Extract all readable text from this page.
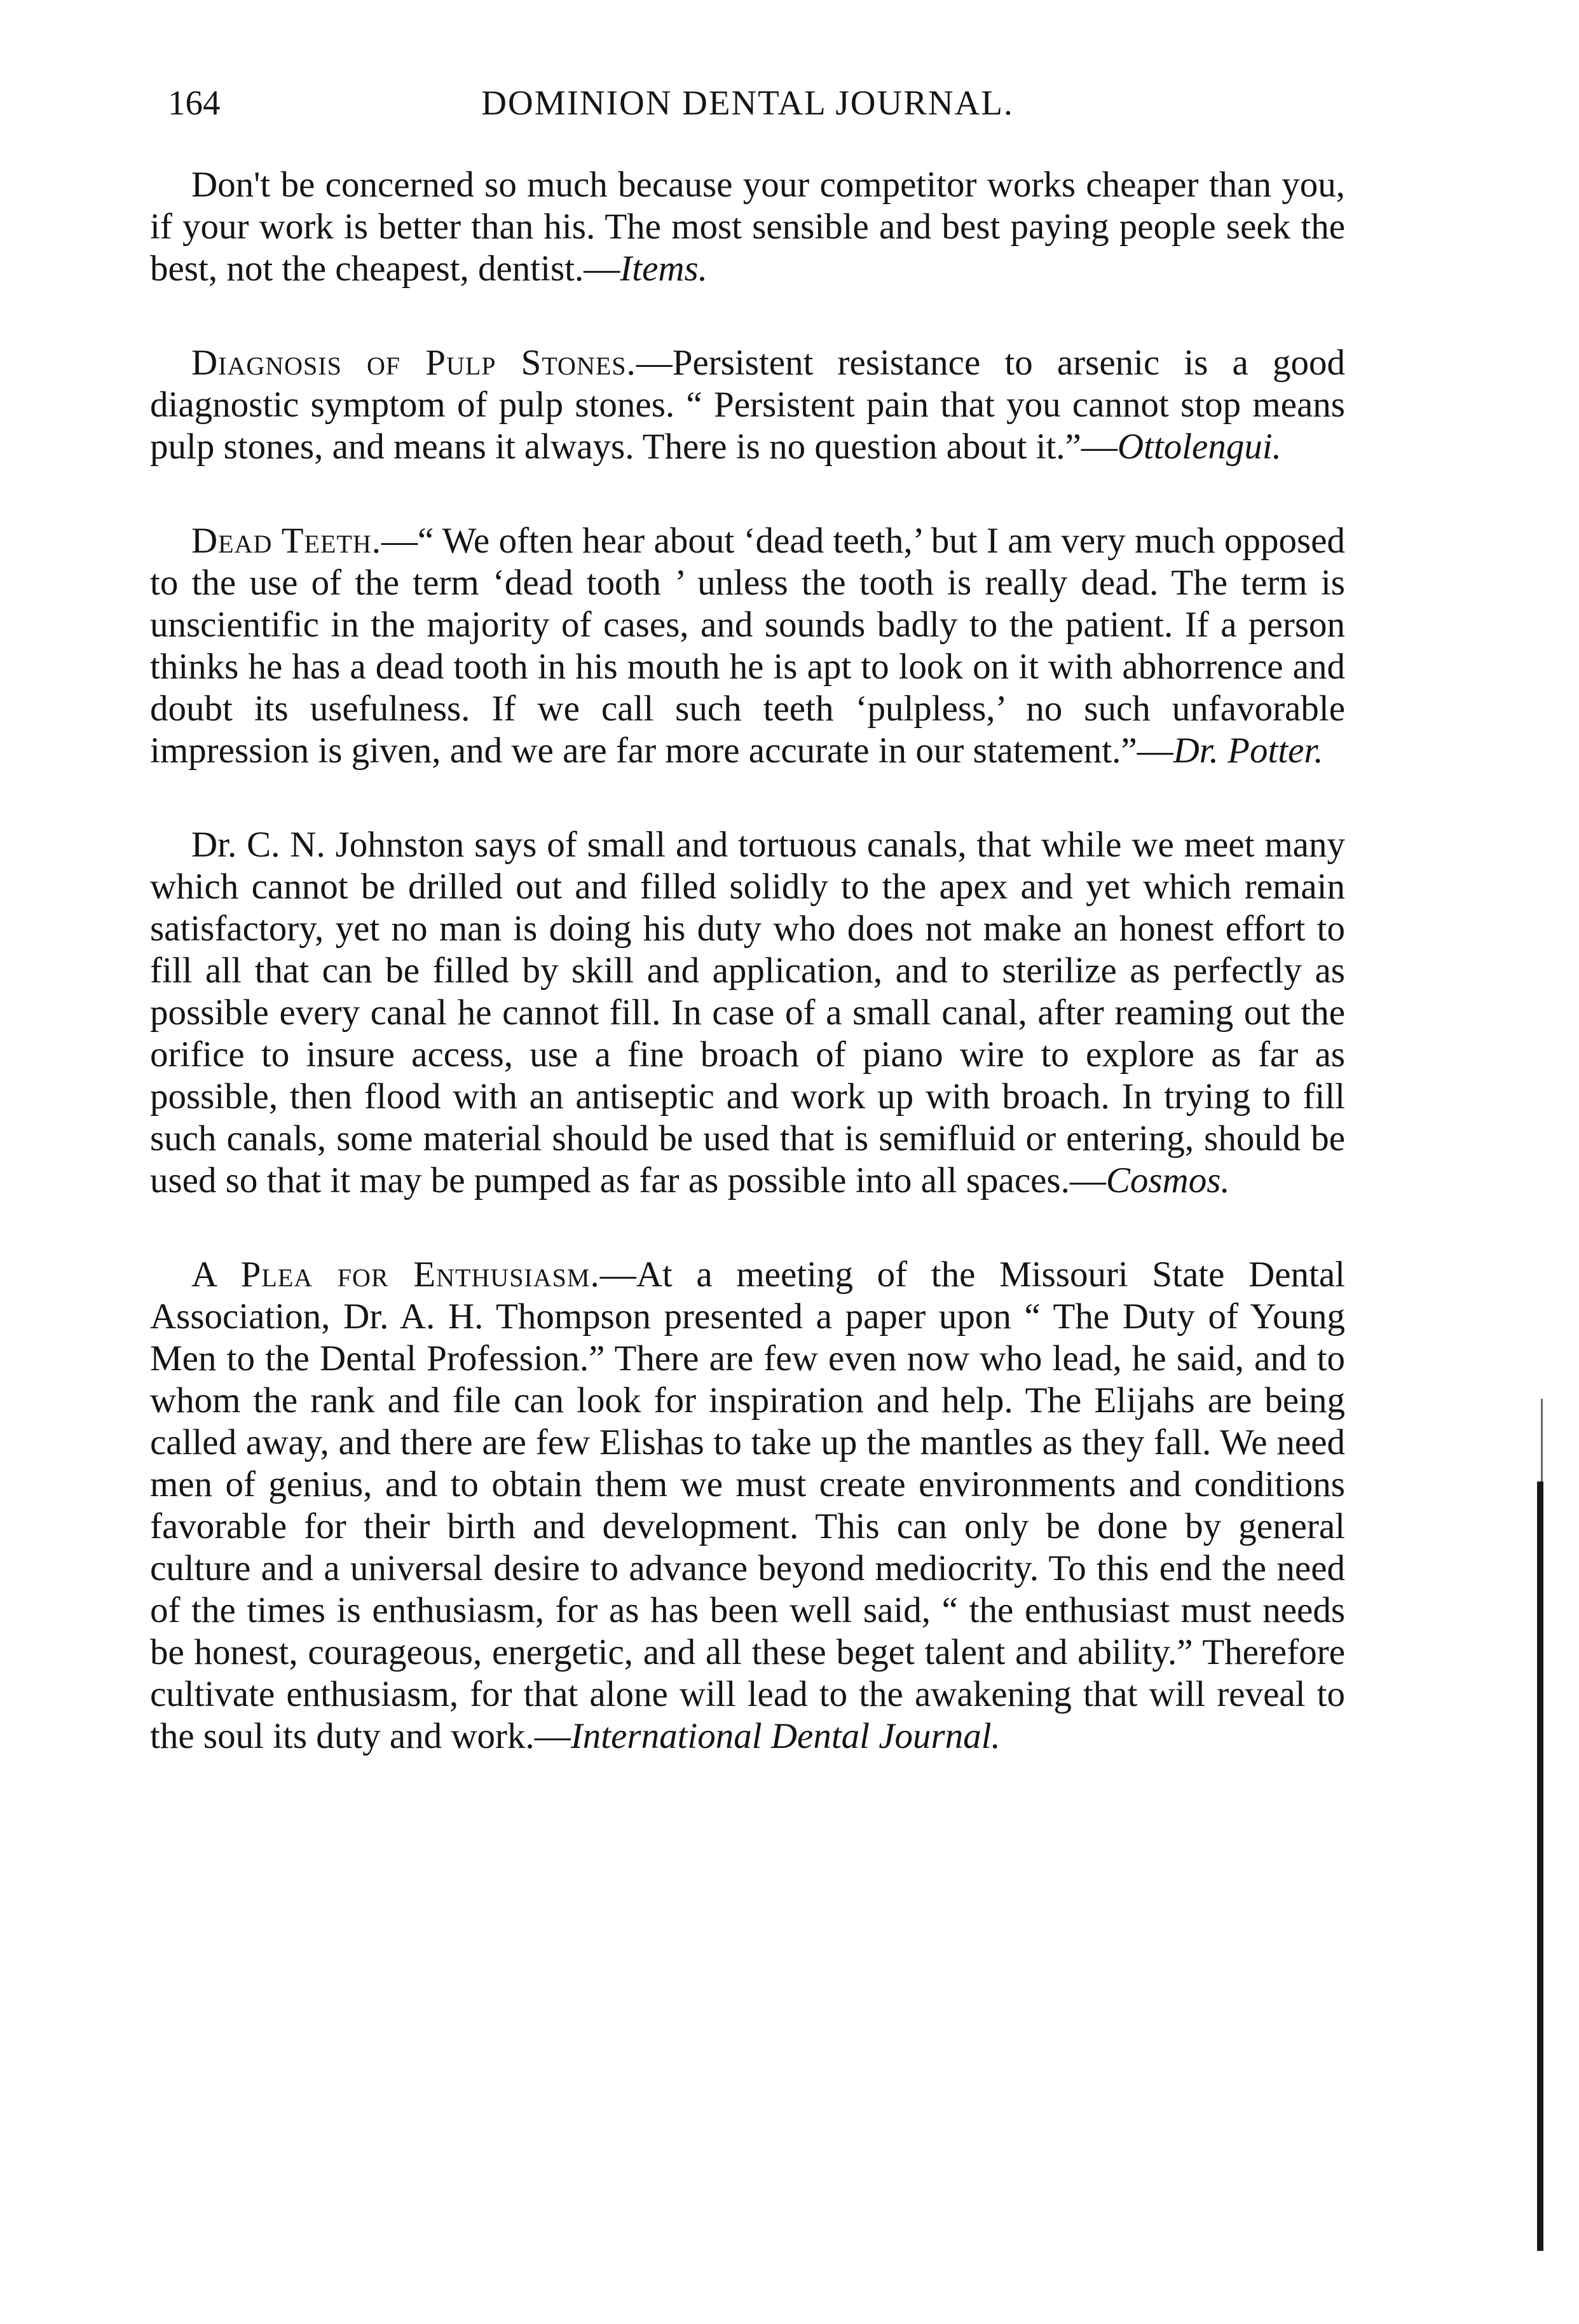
164	DOMINION DENTAL JOURNAL.

Don't be concerned so much because your competitor works cheaper than you, if your work is better than his. The most sensible and best paying people seek the best, not the cheapest, dentist.—Items.

Diagnosis of Pulp Stones.—Persistent resistance to arsenic is a good diagnostic symptom of pulp stones. “ Persistent pain that you cannot stop means pulp stones, and means it always. There is no question about it.”—Ottolengui.

Dead Teeth.—“ We often hear about ‘dead teeth,’ but I am very much opposed to the use of the term ‘dead tooth ’ unless the tooth is really dead. The term is unscientific in the majority of cases, and sounds badly to the patient. If a person thinks he has a dead tooth in his mouth he is apt to look on it with abhorrence and doubt its usefulness. If we call such teeth ‘pulpless,’ no such unfavorable impression is given, and we are far more accurate in our statement.”—Dr. Potter.

Dr. C. N. Johnston says of small and tortuous canals, that while we meet many which cannot be drilled out and filled solidly to the apex and yet which remain satisfactory, yet no man is doing his duty who does not make an honest effort to fill all that can be filled by skill and application, and to sterilize as perfectly as possible every canal he cannot fill. In case of a small canal, after reaming out the orifice to insure access, use a fine broach of piano wire to explore as far as possible, then flood with an antiseptic and work up with broach. In trying to fill such canals, some material should be used that is semifluid or entering, should be used so that it may be pumped as far as possible into all spaces.—Cosmos.

A Plea for Enthusiasm.—At a meeting of the Missouri State Dental Association, Dr. A. H. Thompson presented a paper upon “ The Duty of Young Men to the Dental Profession.” There are few even now who lead, he said, and to whom the rank and file can look for inspiration and help. The Elijahs are being called away, and there are few Elishas to take up the mantles as they fall. We need men of genius, and to obtain them we must create environments and conditions favorable for their birth and development. This can only be done by general culture and a universal desire to advance beyond mediocrity. To this end the need of the times is enthusiasm, for as has been well said, “ the enthusiast must needs be honest, courageous, energetic, and all these beget talent and ability.” Therefore cultivate enthusiasm, for that alone will lead to the awakening that will reveal to the soul its duty and work.—International Dental Journal.
